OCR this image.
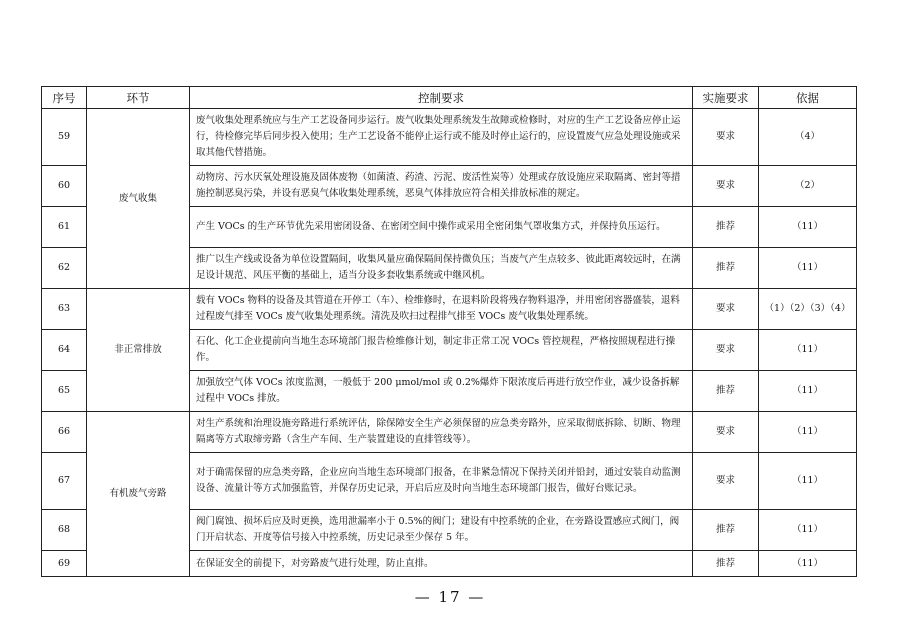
序号	环节	控制要求	实施要求	依据
59	废气收集	废气收集处理系统应与生产工艺设备同步运行。废气收集处理系统发生故障或检修时，对应的生产工艺设备应停止运行，待检修完毕后同步投入使用；生产工艺设备不能停止运行或不能及时停止运行的，应设置废气应急处理设施或采取其他代替措施。	要求	（4）
60		动物房、污水厌氧处理设施及固体废物（如菌渣、药渣、污泥、废活性炭等）处理或存放设施应采取隔离、密封等措施控制恶臭污染，并设有恶臭气体收集处理系统，恶臭气体排放应符合相关排放标准的规定。	要求	（2）
61		产生 VOCs 的生产环节优先采用密闭设备、在密闭空间中操作或采用全密闭集气罩收集方式，并保持负压运行。	推荐	（11）
62		推广以生产线或设备为单位设置隔间，收集风量应确保隔间保持微负压；当废气产生点较多、彼此距离较远时，在满足设计规范、风压平衡的基础上，适当分设多套收集系统或中继风机。	推荐	（11）
63	非正常排放	载有 VOCs 物料的设备及其管道在开停工（车）、检维修时，在退料阶段将残存物料退净，并用密闭容器盛装，退料过程废气排至 VOCs 废气收集处理系统。清洗及吹扫过程排气排至 VOCs 废气收集处理系统。	要求	（1）（2）（3）（4）
64		石化、化工企业提前向当地生态环境部门报告检维修计划，制定非正常工况 VOCs 管控规程，严格按照规程进行操作。	要求	（11）
65		加强放空气体 VOCs 浓度监测，一般低于 200 μmol/mol 或 0.2%爆炸下限浓度后再进行放空作业，减少设备拆解过程中 VOCs 排放。	推荐	（11）
66	有机废气旁路	对生产系统和治理设施旁路进行系统评估，除保障安全生产必须保留的应急类旁路外，应采取彻底拆除、切断、物理隔离等方式取缔旁路（含生产车间、生产装置建设的直排管线等）。	要求	（11）
67		对于确需保留的应急类旁路，企业应向当地生态环境部门报备，在非紧急情况下保持关闭并铅封，通过安装自动监测设备、流量计等方式加强监管，并保存历史记录，开启后应及时向当地生态环境部门报告，做好台账记录。	要求	（11）
68		阀门腐蚀、损坏后应及时更换，选用泄漏率小于 0.5%的阀门；建设有中控系统的企业，在旁路设置感应式阀门，阀门开启状态、开度等信号接入中控系统，历史记录至少保存 5 年。	推荐	（11）
69		在保证安全的前提下，对旁路废气进行处理，防止直排。	推荐	（11）
— 17 —
